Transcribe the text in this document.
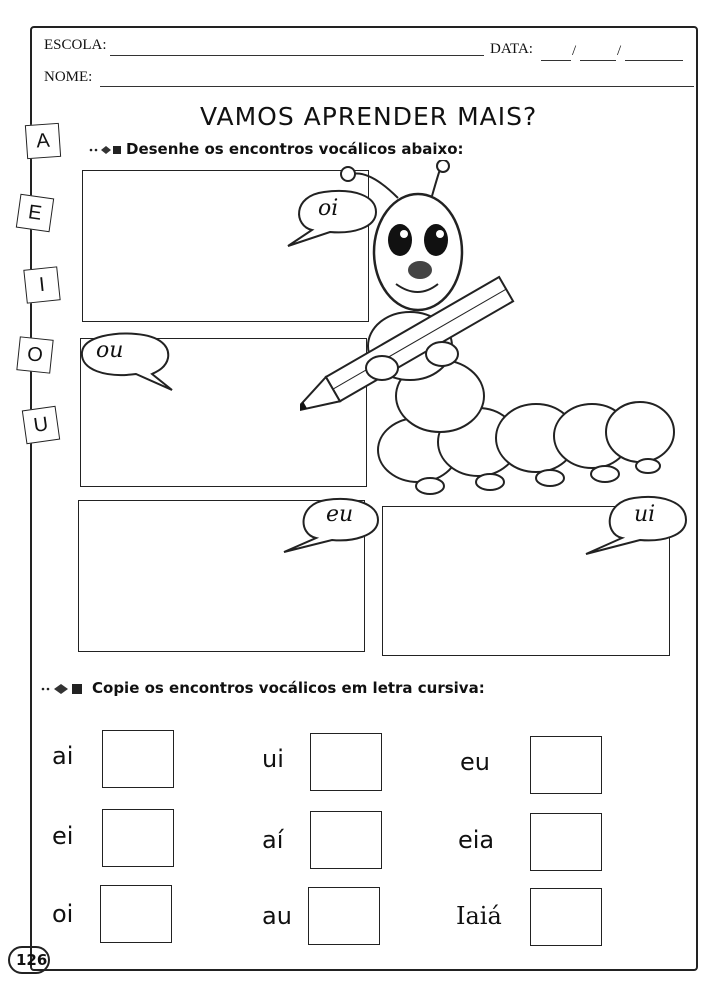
ESCOLA:	DATA:	/	/
NOME:
VAMOS APRENDER MAIS?
A
E
I
O
U
Desenhe os encontros vocálicos abaixo:
oi
ou
eu	ui
Copie os encontros vocálicos em letra cursiva:
ai	ui	eu
ei	aí	eia
oi	au	Iaiá
126
